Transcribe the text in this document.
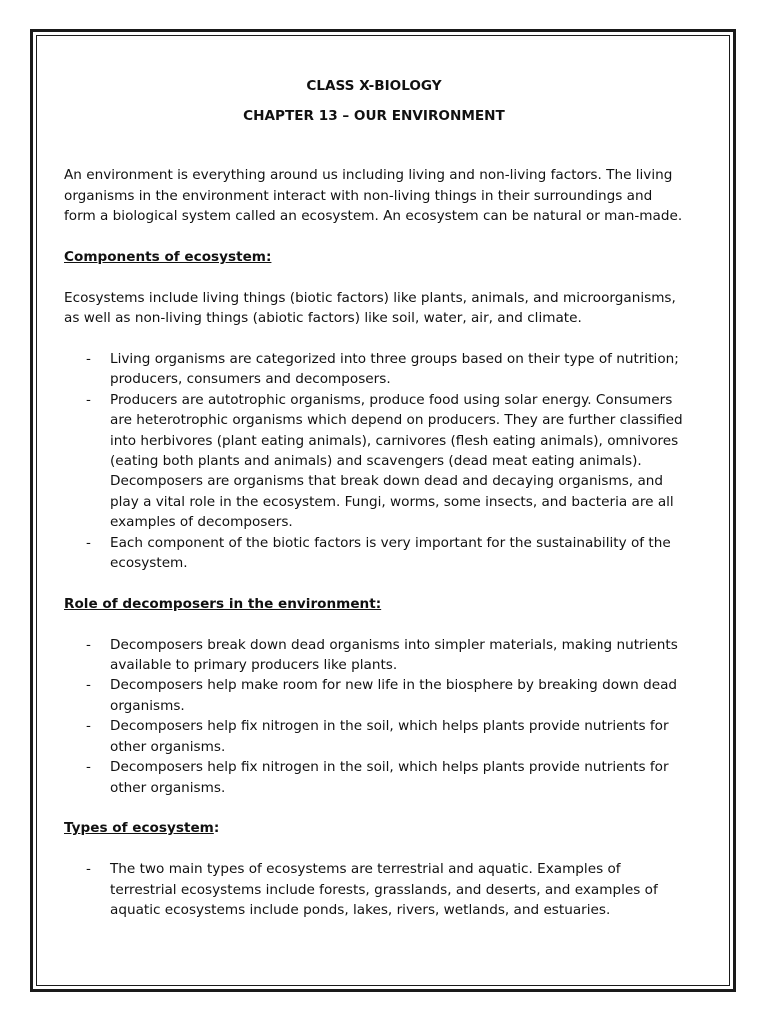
CLASS X-BIOLOGY
CHAPTER 13 – OUR ENVIRONMENT

An environment is everything around us including living and non-living factors. The living organisms in the environment interact with non-living things in their surroundings and form a biological system called an ecosystem. An ecosystem can be natural or man-made.

Components of ecosystem:

Ecosystems include living things (biotic factors) like plants, animals, and microorganisms, as well as non-living things (abiotic factors) like soil, water, air, and climate.

- Living organisms are categorized into three groups based on their type of nutrition; producers, consumers and decomposers.
- Producers are autotrophic organisms, produce food using solar energy. Consumers are heterotrophic organisms which depend on producers. They are further classified into herbivores (plant eating animals), carnivores (flesh eating animals), omnivores (eating both plants and animals) and scavengers (dead meat eating animals). Decomposers are organisms that break down dead and decaying organisms, and play a vital role in the ecosystem. Fungi, worms, some insects, and bacteria are all examples of decomposers.
- Each component of the biotic factors is very important for the sustainability of the ecosystem.
Role of decomposers in the environment:
- Decomposers break down dead organisms into simpler materials, making nutrients available to primary producers like plants.
- Decomposers help make room for new life in the biosphere by breaking down dead organisms.
- Decomposers help fix nitrogen in the soil, which helps plants provide nutrients for other organisms.
- Decomposers help fix nitrogen in the soil, which helps plants provide nutrients for other organisms.
Types of ecosystem:
- The two main types of ecosystems are terrestrial and aquatic. Examples of terrestrial ecosystems include forests, grasslands, and deserts, and examples of aquatic ecosystems include ponds, lakes, rivers, wetlands, and estuaries.
